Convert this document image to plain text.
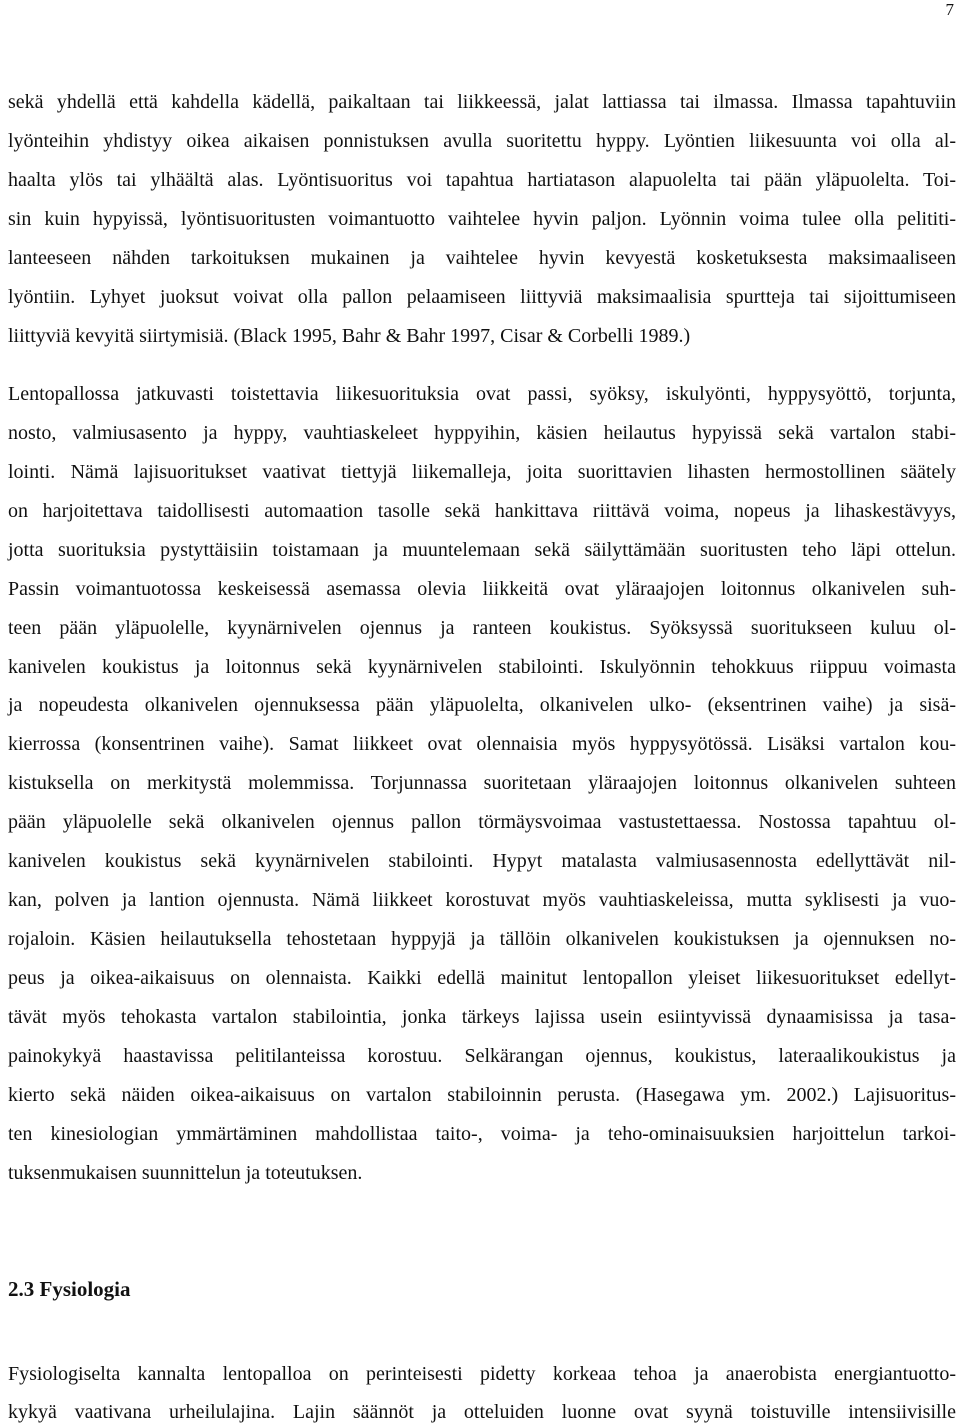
7
sekä yhdellä että kahdella kädellä, paikaltaan tai liikkeessä, jalat lattiassa tai ilmassa. Ilmassa tapahtuviin
lyönteihin yhdistyy oikea aikaisen ponnistuksen avulla suoritettu hyppy. Lyöntien liikesuunta voi olla al-
haalta ylös tai ylhäältä alas. Lyöntisuoritus voi tapahtua hartiatason alapuolelta tai pään yläpuolelta. Toi-
sin kuin hypyissä, lyöntisuoritusten voimantuotto vaihtelee hyvin paljon. Lyönnin voima tulee olla pelititi-
lanteeseen nähden tarkoituksen mukainen ja vaihtelee hyvin kevyestä kosketuksesta maksimaaliseen
lyöntiin. Lyhyet juoksut voivat olla pallon pelaamiseen liittyviä maksimaalisia spurtteja tai sijoittumiseen
liittyviä kevyitä siirtymisiä. (Black 1995, Bahr & Bahr 1997, Cisar & Corbelli 1989.)
Lentopallossa jatkuvasti toistettavia liikesuorituksia ovat passi, syöksy, iskulyönti, hyppysyöttö, torjunta,
nosto, valmiusasento ja hyppy, vauhtiaskeleet hyppyihin, käsien heilautus hypyissä sekä vartalon stabi-
lointi. Nämä lajisuoritukset vaativat tiettyjä liikemalleja, joita suorittavien lihasten hermostollinen säätely
on harjoitettava taidollisesti automaation tasolle sekä hankittava riittävä voima, nopeus ja lihaskestävyys,
jotta suorituksia pystyttäisiin toistamaan ja muuntelemaan sekä säilyttämään suoritusten teho läpi ottelun.
Passin voimantuotossa keskeisessä asemassa olevia liikkeitä ovat yläraajojen loitonnus olkanivelen suh-
teen pään yläpuolelle, kyynärnivelen ojennus ja ranteen koukistus. Syöksyssä suoritukseen kuluu ol-
kanivelen koukistus ja loitonnus sekä kyynärnivelen stabilointi. Iskulyönnin tehokkuus riippuu voimasta
ja nopeudesta olkanivelen ojennuksessa pään yläpuolelta, olkanivelen ulko- (eksentrinen vaihe) ja sisä-
kierrossa (konsentrinen vaihe). Samat liikkeet ovat olennaisia myös hyppysyötössä. Lisäksi vartalon kou-
kistuksella on merkitystä molemmissa. Torjunnassa suoritetaan yläraajojen loitonnus olkanivelen suhteen
pään yläpuolelle sekä olkanivelen ojennus pallon törmäysvoimaa vastustettaessa. Nostossa tapahtuu ol-
kanivelen koukistus sekä kyynärnivelen stabilointi. Hypyt matalasta valmiusasennosta edellyttävät nil-
kan, polven ja lantion ojennusta. Nämä liikkeet korostuvat myös vauhtiaskeleissa, mutta syklisesti ja vuo-
rojaloin. Käsien heilautuksella tehostetaan hyppyjä ja tällöin olkanivelen koukistuksen ja ojennuksen no-
peus ja oikea-aikaisuus on olennaista. Kaikki edellä mainitut lentopallon yleiset liikesuoritukset edellyt-
tävät myös tehokasta vartalon stabilointia, jonka tärkeys lajissa usein esiintyvissä dynaamisissa ja tasa-
painokykyä haastavissa pelitilanteissa korostuu. Selkärangan ojennus, koukistus, lateraalikoukistus ja
kierto sekä näiden oikea-aikaisuus on vartalon stabiloinnin perusta. (Hasegawa ym. 2002.) Lajisuoritus-
ten kinesiologian ymmärtäminen mahdollistaa taito-, voima- ja teho-ominaisuuksien harjoittelun tarkoi-
tuksenmukaisen suunnittelun ja toteutuksen.
2.3 Fysiologia
Fysiologiselta kannalta lentopalloa on perinteisesti pidetty korkeaa tehoa ja anaerobista energiantuotto-
kykyä vaativana urheilulajina. Lajin säännöt ja otteluiden luonne ovat syynä toistuville intensiivisille
